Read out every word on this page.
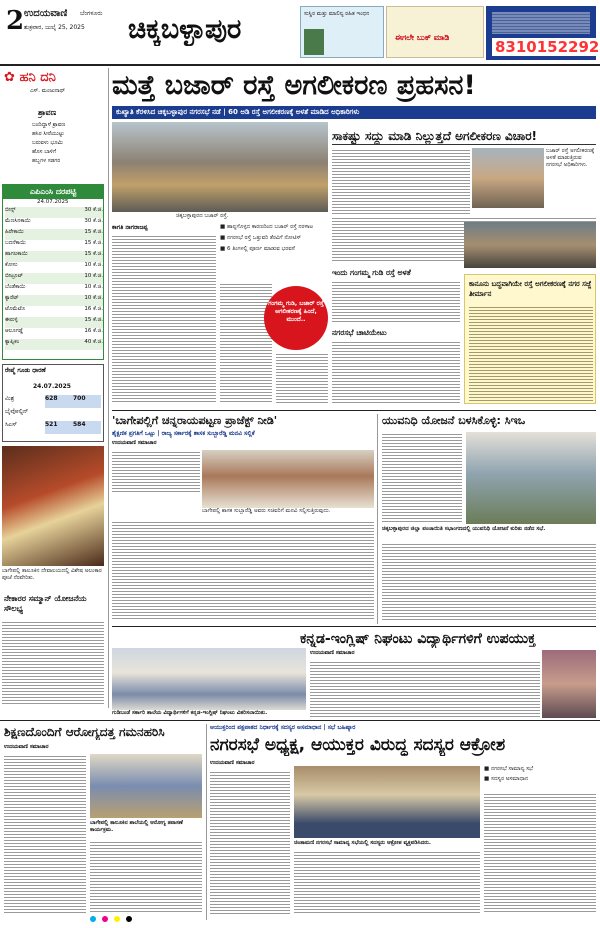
2 ಉದಯವಾಣಿ ಬೆಂಗಳೂರು
ಶುಕ್ರವಾರ, ಜುಲೈ 25, 2025 ಚಿಕ್ಕಬಳ್ಳಾಪುರ	ಸುಸ್ಥಿರ ಮತ್ತು ಮಾಲಿನ್ಯ ರಹಿತ ಇಂಧನ
ಈಗಲೇ ಬುಕ್ ಮಾಡಿ
8310152292
✿ ಹನಿ ದನಿ
ಎಸ್. ಮಂಜುನಾಥ್
ಶ್ರಾವಣ
ಬಂದಿದ್ದಾಳೆ ಶ್ರಾವಣ
ಹಸಿರ ಸೀರೆಯುಟ್ಟು
ಬರುವಳು ಭೂಮಿ
ಹೊಸ ಬಾಳಿಗೆ
ಹಬ್ಬಗಳ ಸಡಗರ
ಎಪಿಎಂಸಿ ದರಪಟ್ಟಿ
24.07.2025
ಬೀನ್ಸ್	30 ಕೆ.ಜಿ.
ಮೆಣಸಿನಕಾಯಿ	30 ಕೆ.ಜಿ.
ಹಿರೇಕಾಯಿ	15 ಕೆ.ಜಿ.
ಬದನೆಕಾಯಿ	15 ಕೆ.ಜಿ.
ಹಾಗಲಕಾಯಿ	15 ಕೆ.ಜಿ.
ಕೋಸು	10 ಕೆ.ಜಿ.
ಬೀಟ್ರೂಟ್	10 ಕೆ.ಜಿ.
ಬೆಂಡೆಕಾಯಿ	10 ಕೆ.ಜಿ.
ಕ್ಯಾರೆಟ್	10 ಕೆ.ಜಿ.
ಟೊಮೆಟೊ	16 ಕೆ.ಜಿ.
ಈರುಳ್ಳಿ	15 ಕೆ.ಜಿ.
ಆಲೂಗಡ್ಡೆ	16 ಕೆ.ಜಿ.
ಕ್ಯಾಪ್ಸಿಕಂ	40 ಕೆ.ಜಿ.
ರೇಷ್ಮೆ ಗೂಡು ಧಾರಣೆ
24.07.2025
ಮಿಶ್ರ	628	700
ಬೈವೋಲ್ಟಿನ್
ಸಿಎಸ್	521	584
ಬಾಗೇಪಲ್ಲಿ ತಾಲೂಕಿನ ದೇವಾಲಯದಲ್ಲಿ ವಿಶೇಷ ಅಲಂಕಾರ ಪೂಜೆ ನೆರವೇರಿತು.
ನೇಕಾರರ ಸಮ್ಮಾನ್ ಯೋಜನೆಯ ಸೌಲಭ್ಯ
ಮತ್ತೆ ಬಜಾರ್ ರಸ್ತೆ ಅಗಲೀಕರಣ ಪ್ರಹಸನ!
ಕುಖ್ಯಾತಿ ಕೆರಳಿಸಿದ ಚಿಕ್ಕಬಳ್ಳಾಪುರ ನಗರಸಭೆ ನಡೆ | 60 ಅಡಿ ರಸ್ತೆ ಅಗಲೀಕರಣಕ್ಕೆ ಅಳತೆ ಮಾಡಿದ ಅಧಿಕಾರಿಗಳು
ಚಿಕ್ಕಬಳ್ಳಾಪುರದ ಬಜಾರ್ ರಸ್ತೆ.
ಕಾಗತಿ ನಾಗರಾಜಪ್ಪ	■ ಹಾನ್ನಗೊಳ್ಳದ ಕಾರಣದಿಂದ ಬಜಾರ್ ರಸ್ತೆ ನರಳಾಟ
■ ನಗರಸಭೆ ರಸ್ತೆ ಒತ್ತುವರಿ ತೆರವಿಗೆ ನೋಟಿಸ್
■ 6 ತಿಂಗಳಲ್ಲಿ ಪೂರ್ಣ ಮಾಡುವ ಭರವಸೆ
ಗಂಗಮ್ಮ ಗುಡಿ, ಬಜಾರ್ ರಸ್ತೆ ಅಗಲೀಕರಣಕ್ಕೆ ಹಿಂದೆ, ಮುಂದೆ..
ಸಾಕಷ್ಟು ಸದ್ದು ಮಾಡಿ ನಿಲ್ಲುತ್ತದೆ ಅಗಲೀಕರಣ ವಿಚಾರ!
ಬಜಾರ್ ರಸ್ತೆ ಅಗಲೀಕರಣಕ್ಕೆ ಅಳತೆ ಮಾಡುತ್ತಿರುವ ನಗರಸಭೆ ಅಧಿಕಾರಿಗಳು.
ಇಂದು ಗಂಗಮ್ಮ ಗುಡಿ ರಸ್ತೆ ಅಳತೆ
ನಗರಸಭೆ ಚಾಟಿಯೇಟು
ಕಾನೂನು ಬದ್ಧವಾಗಿಯೇ ರಸ್ತೆ ಅಗಲೀಕರಣಕ್ಕೆ ನಗರ ಸಜ್ಜೆ ತೀರ್ಮಾನ
'ಬಾಗೇಪಲ್ಲಿಗೆ ಚನ್ನರಾಯಪಟ್ಟಣ ಪ್ರಾಜೆಕ್ಟ್ ನೀಡಿ'
ಶೈಕ್ಷಣಿಕ ಪ್ರಗತಿಗೆ ಒಟ್ಟು | ರಾಜ್ಯ ಸರ್ಕಾರಕ್ಕೆ ಶಾಸಕ ಸುಬ್ಬಾರೆಡ್ಡಿ ಮನವಿ ಸಲ್ಲಿಕೆ
ಉದಯವಾಣಿ ಸಮಾಚಾರ
ಬಾಗೇಪಲ್ಲಿ ಶಾಸಕ ಸುಬ್ಬಾರೆಡ್ಡಿ ಅವರು ಸಚಿವರಿಗೆ ಮನವಿ ಸಲ್ಲಿಸುತ್ತಿರುವುದು.
ಯುವನಿಧಿ ಯೋಜನೆ ಬಳಸಿಕೊಳ್ಳಿ: ಸಿಇಒ
ಚಿಕ್ಕಬಳ್ಳಾಪುರದ ಜಿಲ್ಲಾ ಪಂಚಾಯಿತಿ ಸಭಾಂಗಣದಲ್ಲಿ ಯುವನಿಧಿ ಯೋಜನೆ ಕುರಿತು ನಡೆದ ಸಭೆ.
ಕನ್ನಡ-ಇಂಗ್ಲಿಷ್ ನಿಘಂಟು ವಿದ್ಯಾರ್ಥಿಗಳಿಗೆ ಉಪಯುಕ್ತ
ಗುಡಿಬಂಡೆ ಸರ್ಕಾರಿ ಶಾಲೆಯ ವಿದ್ಯಾರ್ಥಿಗಳಿಗೆ ಕನ್ನಡ-ಇಂಗ್ಲಿಷ್ ನಿಘಂಟು ವಿತರಿಸಲಾಯಿತು.
ಉದಯವಾಣಿ ಸಮಾಚಾರ
ಶಿಕ್ಷಣದೊಂದಿಗೆ ಆರೋಗ್ಯದತ್ತ ಗಮನಹರಿಸಿ
ಉದಯವಾಣಿ ಸಮಾಚಾರ
ಬಾಗೇಪಲ್ಲಿ ತಾಲೂಕಿನ ಶಾಲೆಯಲ್ಲಿ ಆರೋಗ್ಯ ತಪಾಸಣೆ ಕಾರ್ಯಕ್ರಮ.
ಆಯುಕ್ತರಿಂದ ಪಕ್ಷಪಾತದ ನಿರ್ಧಾರಕ್ಕೆ ಸದಸ್ಯರ ಅಸಮಾಧಾನ | ಸಭೆ ಬಹಿಷ್ಕಾರ
ನಗರಸಭೆ ಅಧ್ಯಕ್ಷ, ಆಯುಕ್ತರ ವಿರುದ್ಧ ಸದಸ್ಯರ ಆಕ್ರೋಶ
ಉದಯವಾಣಿ ಸಮಾಚಾರ
ಚಿಂತಾಮಣಿ ನಗರಸಭೆ ಸಾಮಾನ್ಯ ಸಭೆಯಲ್ಲಿ ಸದಸ್ಯರು ಆಕ್ರೋಶ ವ್ಯಕ್ತಪಡಿಸಿದರು.
■ ನಗರಸಭೆ ಸಾಮಾನ್ಯ ಸಭೆ
■ ಸದಸ್ಯರ ಅಸಮಾಧಾನ
